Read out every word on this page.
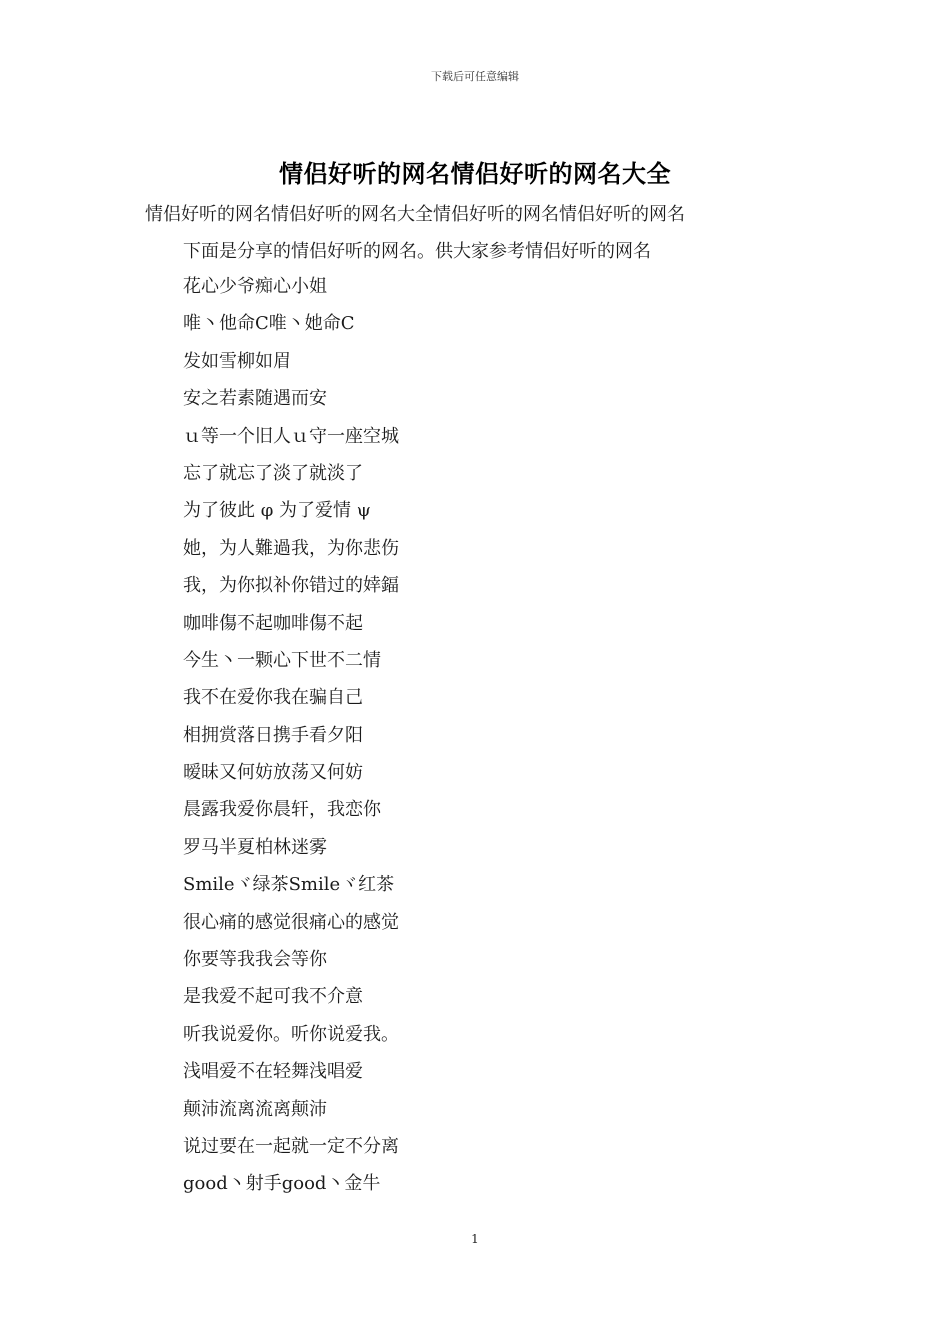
下载后可任意编辑
情侣好听的网名情侣好听的网名大全
情侣好听的网名情侣好听的网名大全情侣好听的网名情侣好听的网名
下面是分享的情侣好听的网名。供大家参考情侣好听的网名
花心少爷痴心小姐
唯丶他命C唯丶她命C
发如雪柳如眉
安之若素随遇而安
ｕ等一个旧人ｕ守一座空城
忘了就忘了淡了就淡了
为了彼此 φ 为了爱情 ψ
她，为人難過我，为你悲伤
我，为你拟补你错过的婞鍢
咖啡傷不起咖啡傷不起
今生丶一颗心下世不二情
我不在爱你我在骗自己
相拥赏落日携手看夕阳
暧昧又何妨放荡又何妨
晨露我爱你晨轩，我恋你
罗马半夏柏林迷雾
Smileヾ绿茶Smileヾ红茶
很心痛的感觉很痛心的感觉
你要等我我会等你
是我爱不起可我不介意
听我说爱你。听你说爱我。
浅唱爱不在轻舞浅唱爱
颠沛流离流离颠沛
说过要在一起就一定不分离
good丶射手good丶金牛
1
